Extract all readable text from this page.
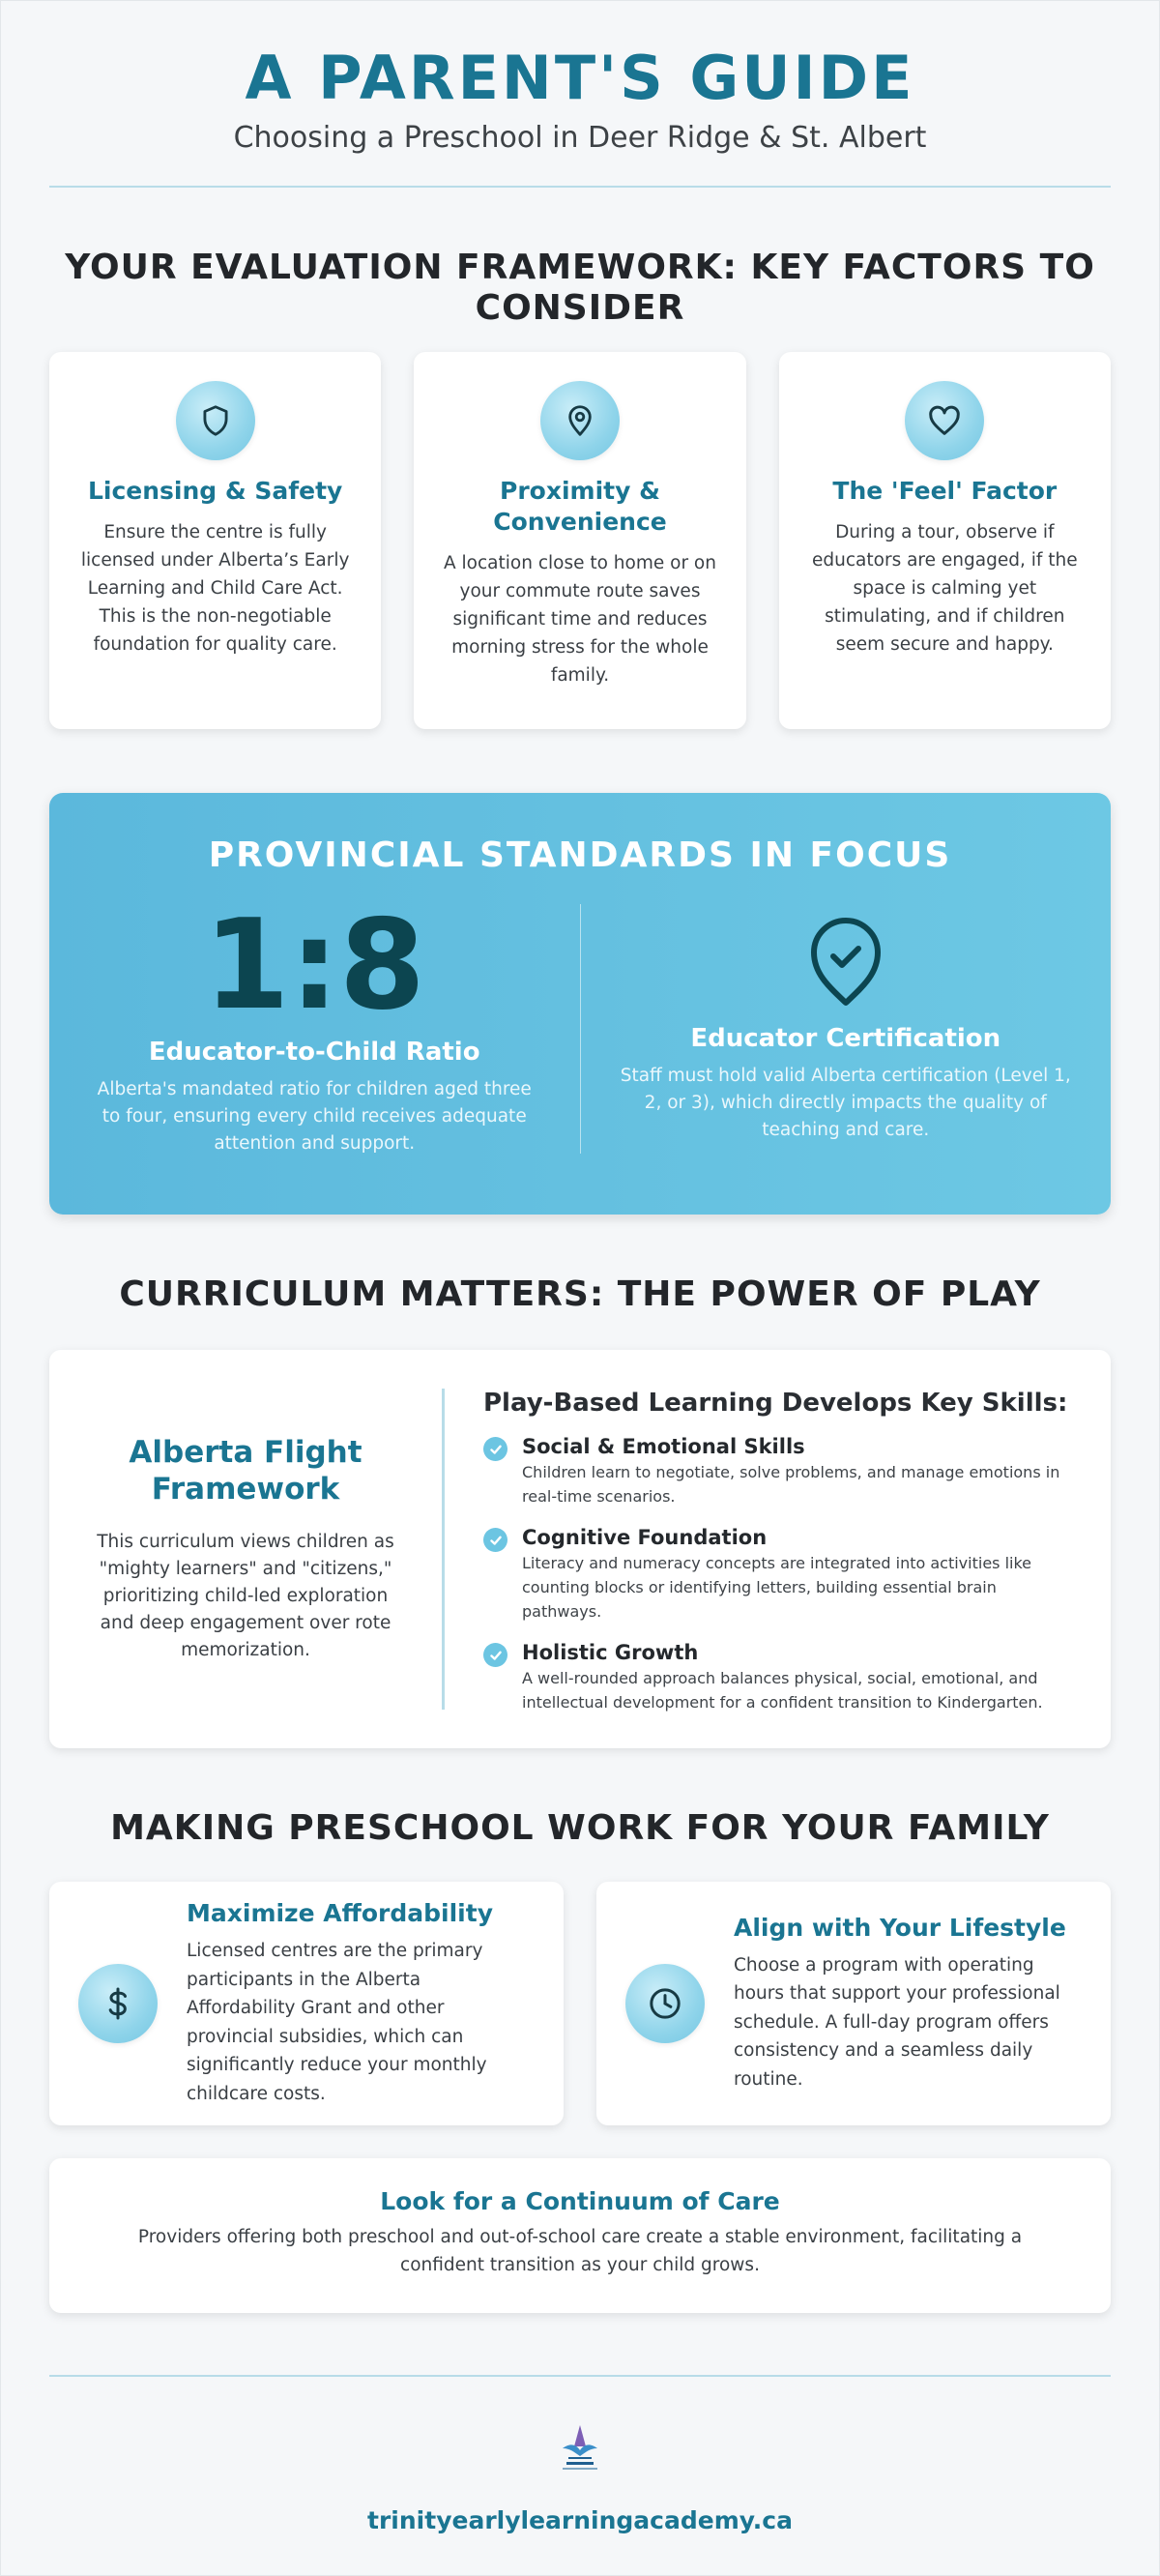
A PARENT'S GUIDE
Choosing a Preschool in Deer Ridge & St. Albert
YOUR EVALUATION FRAMEWORK: KEY FACTORS TO CONSIDER
Licensing & Safety
Ensure the centre is fully licensed under Alberta’s Early Learning and Child Care Act. This is the non-negotiable foundation for quality care.
Proximity & Convenience
A location close to home or on your commute route saves significant time and reduces morning stress for the whole family.
The 'Feel' Factor
During a tour, observe if educators are engaged, if the space is calming yet stimulating, and if children seem secure and happy.
PROVINCIAL STANDARDS IN FOCUS
1:8
Educator-to-Child Ratio
Alberta's mandated ratio for children aged three to four, ensuring every child receives adequate attention and support.
Educator Certification
Staff must hold valid Alberta certification (Level 1, 2, or 3), which directly impacts the quality of teaching and care.
CURRICULUM MATTERS: THE POWER OF PLAY
Alberta Flight Framework
This curriculum views children as "mighty learners" and "citizens," prioritizing child-led exploration and deep engagement over rote memorization.
Play-Based Learning Develops Key Skills:
Social & Emotional Skills
Children learn to negotiate, solve problems, and manage emotions in real-time scenarios.
Cognitive Foundation
Literacy and numeracy concepts are integrated into activities like counting blocks or identifying letters, building essential brain pathways.
Holistic Growth
A well-rounded approach balances physical, social, emotional, and intellectual development for a confident transition to Kindergarten.
MAKING PRESCHOOL WORK FOR YOUR FAMILY
Maximize Affordability
Licensed centres are the primary participants in the Alberta Affordability Grant and other provincial subsidies, which can significantly reduce your monthly childcare costs.
Align with Your Lifestyle
Choose a program with operating hours that support your professional schedule. A full-day program offers consistency and a seamless daily routine.
Look for a Continuum of Care
Providers offering both preschool and out-of-school care create a stable environment, facilitating a confident transition as your child grows.
trinityearlylearningacademy.ca
